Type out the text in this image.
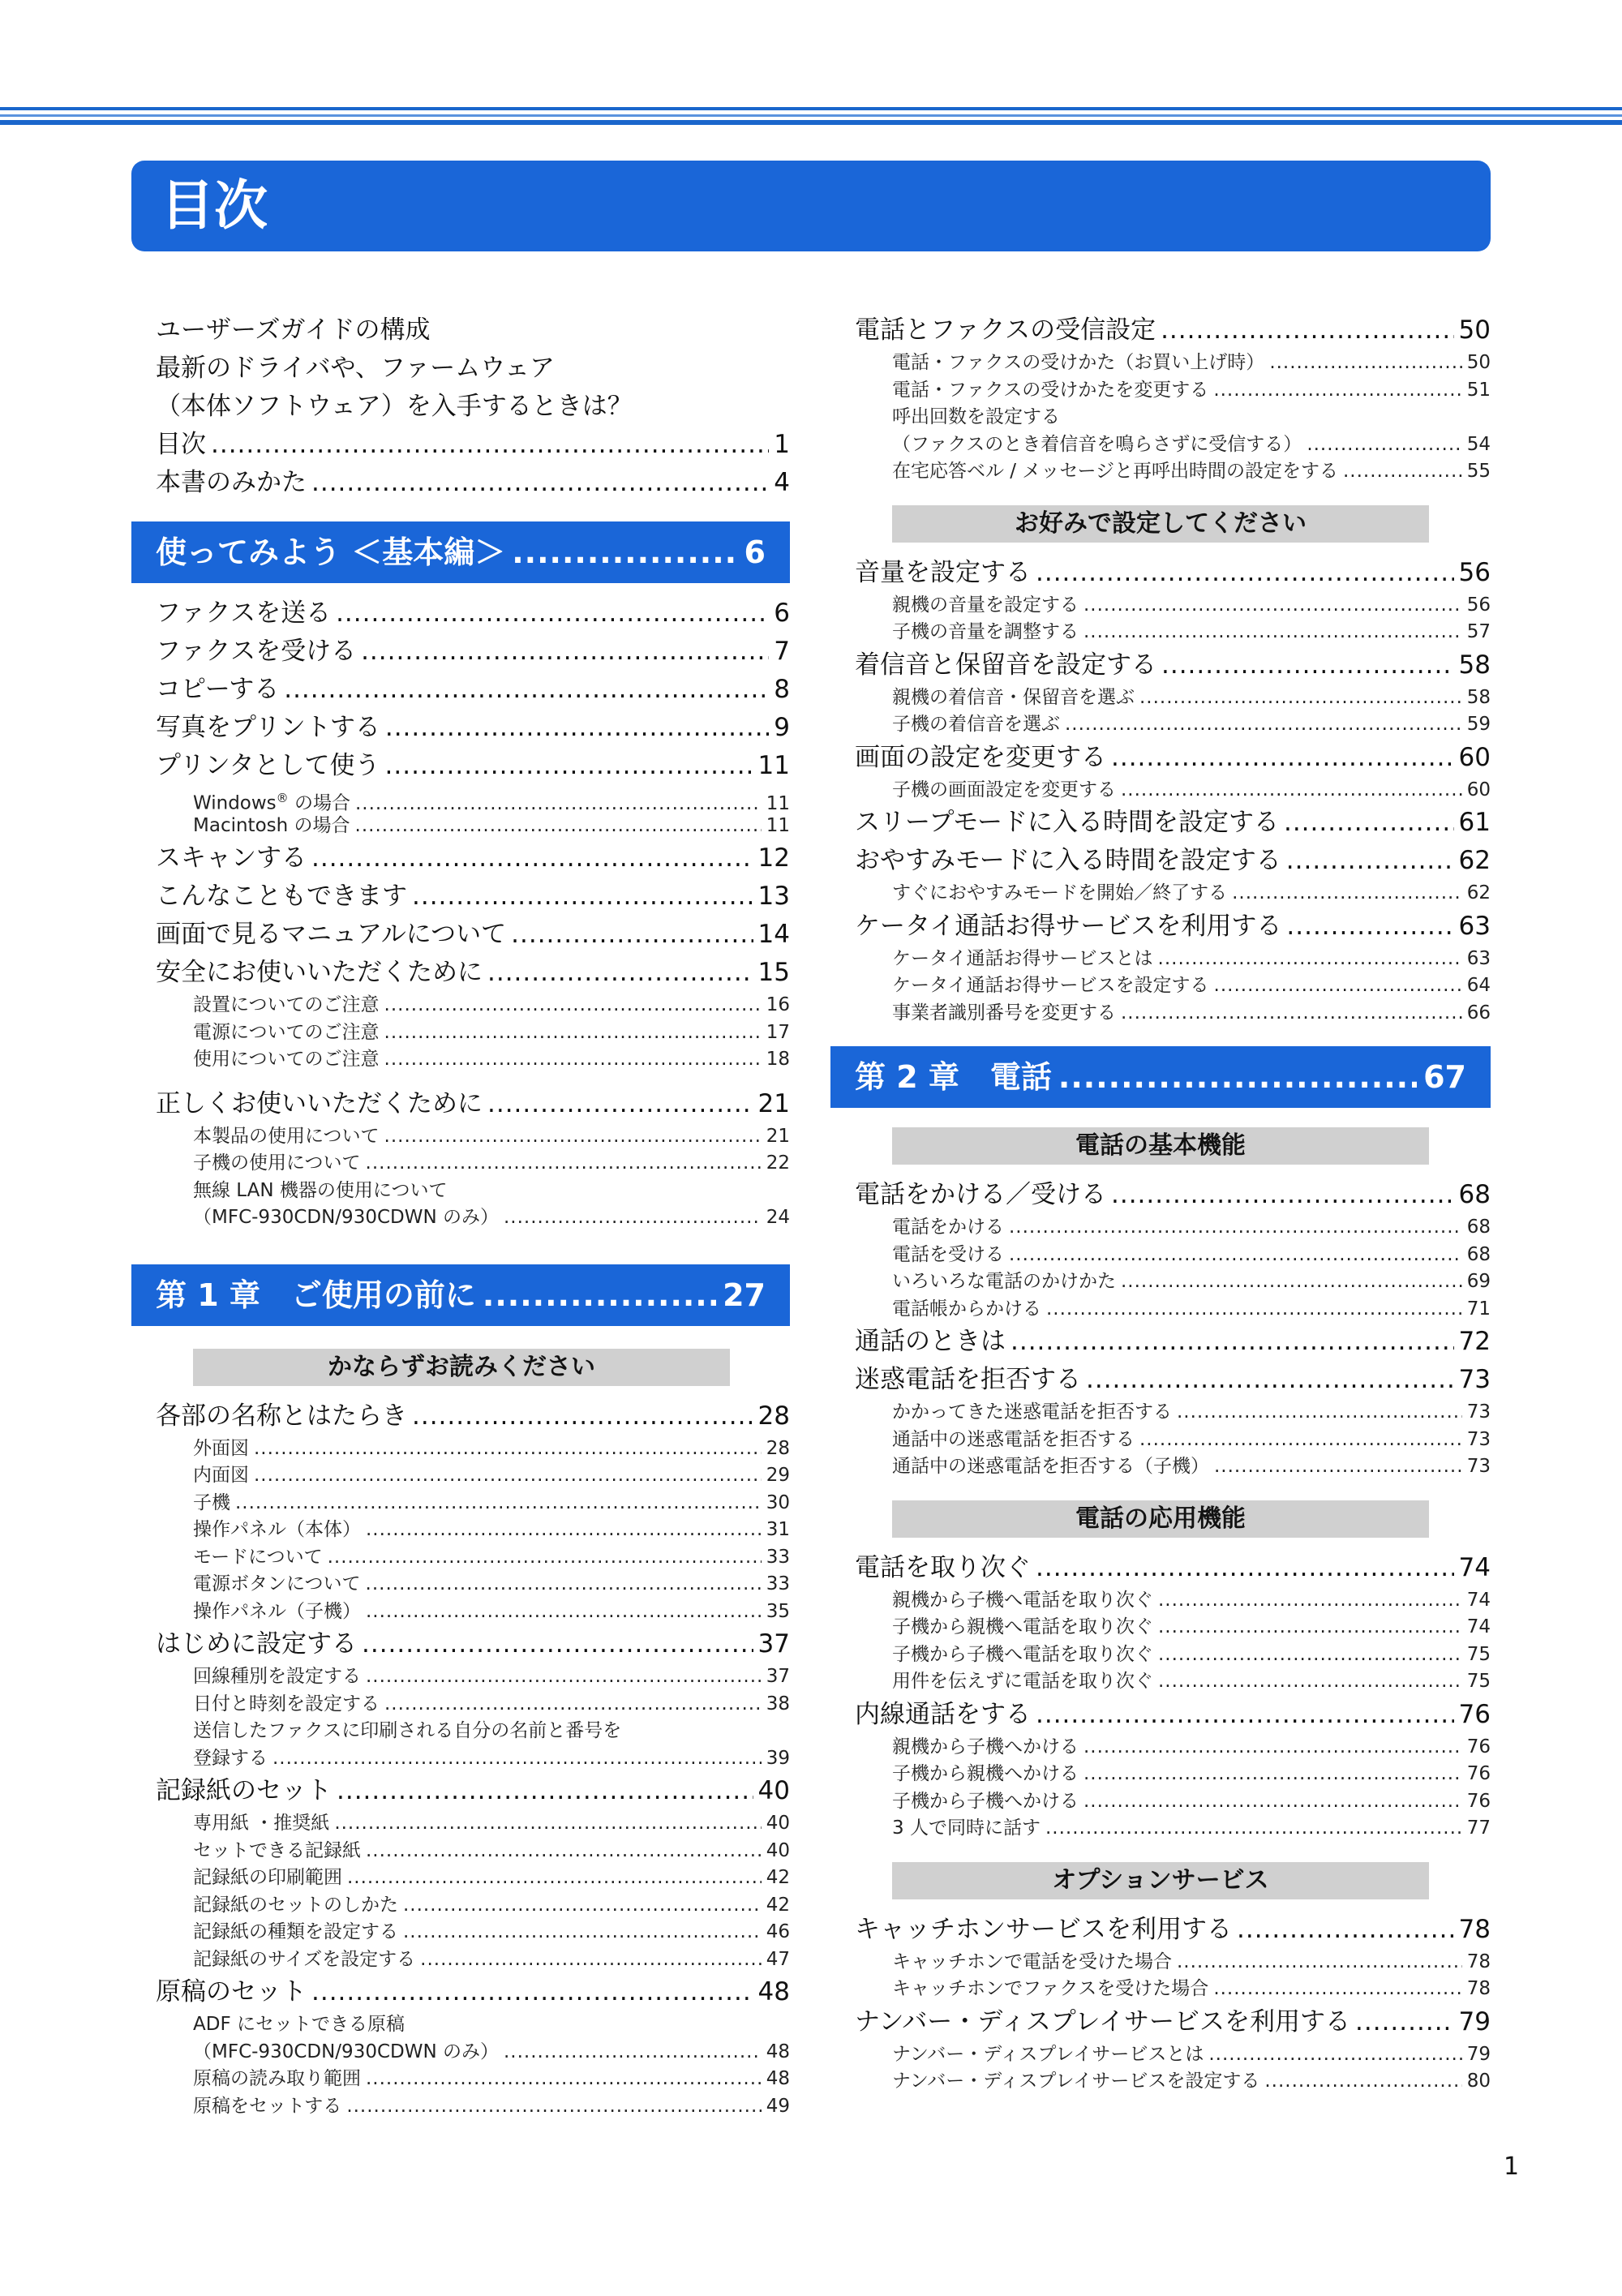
目次
ユーザーズガイドの構成
最新のドライバや、ファームウェア
（本体ソフトウェア）を入手するときは？
目次 .....	1
本書のみかた .....	4
使ってみよう ＜基本編＞ .....	6
ファクスを送る .....	6
ファクスを受ける .....	7
コピーする .....	8
写真をプリントする .....	9
プリンタとして使う .....	11
Windows® の場合 .....	11
Macintosh の場合 .....	11
スキャンする .....	12
こんなこともできます .....	13
画面で見るマニュアルについて .....	14
安全にお使いいただくために .....	15
設置についてのご注意 .....	16
電源についてのご注意 .....	17
使用についてのご注意 .....	18
正しくお使いいただくために .....	21
本製品の使用について .....	21
子機の使用について .....	22
無線 LAN 機器の使用について
（MFC-930CDN/930CDWN のみ） .....	24
第 1 章　ご使用の前に .....	27
かならずお読みください
各部の名称とはたらき .....	28
外面図 .....	28
内面図 .....	29
子機 .....	30
操作パネル（本体） .....	31
モードについて .....	33
電源ボタンについて .....	33
操作パネル（子機） .....	35
はじめに設定する .....	37
回線種別を設定する .....	37
日付と時刻を設定する .....	38
送信したファクスに印刷される自分の名前と番号を
登録する .....	39
記録紙のセット .....	40
専用紙 ・推奨紙 .....	40
セットできる記録紙 .....	40
記録紙の印刷範囲 .....	42
記録紙のセットのしかた .....	42
記録紙の種類を設定する .....	46
記録紙のサイズを設定する .....	47
原稿のセット .....	48
ADF にセットできる原稿
（MFC-930CDN/930CDWN のみ） .....	48
原稿の読み取り範囲 .....	48
原稿をセットする .....	49
電話とファクスの受信設定 .....	50
電話・ファクスの受けかた（お買い上げ時） .....	50
電話・ファクスの受けかたを変更する .....	51
呼出回数を設定する
（ファクスのとき着信音を鳴らさずに受信する） .....	54
在宅応答ベル / メッセージと再呼出時間の設定をする .....	55
お好みで設定してください
音量を設定する .....	56
親機の音量を設定する .....	56
子機の音量を調整する .....	57
着信音と保留音を設定する .....	58
親機の着信音・保留音を選ぶ .....	58
子機の着信音を選ぶ .....	59
画面の設定を変更する .....	60
子機の画面設定を変更する .....	60
スリープモードに入る時間を設定する .....	61
おやすみモードに入る時間を設定する .....	62
すぐにおやすみモードを開始／終了する .....	62
ケータイ通話お得サービスを利用する .....	63
ケータイ通話お得サービスとは .....	63
ケータイ通話お得サービスを設定する .....	64
事業者識別番号を変更する .....	66
第 2 章　電話 .....	67
電話の基本機能
電話をかける／受ける .....	68
電話をかける .....	68
電話を受ける .....	68
いろいろな電話のかけかた .....	69
電話帳からかける .....	71
通話のときは .....	72
迷惑電話を拒否する .....	73
かかってきた迷惑電話を拒否する .....	73
通話中の迷惑電話を拒否する .....	73
通話中の迷惑電話を拒否する（子機） .....	73
電話の応用機能
電話を取り次ぐ .....	74
親機から子機へ電話を取り次ぐ .....	74
子機から親機へ電話を取り次ぐ .....	74
子機から子機へ電話を取り次ぐ .....	75
用件を伝えずに電話を取り次ぐ .....	75
内線通話をする .....	76
親機から子機へかける .....	76
子機から親機へかける .....	76
子機から子機へかける .....	76
3 人で同時に話す .....	77
オプションサービス
キャッチホンサービスを利用する .....	78
キャッチホンで電話を受けた場合 .....	78
キャッチホンでファクスを受けた場合 .....	78
ナンバー・ディスプレイサービスを利用する .....	79
ナンバー・ディスプレイサービスとは .....	79
ナンバー・ディスプレイサービスを設定する .....	80
1
